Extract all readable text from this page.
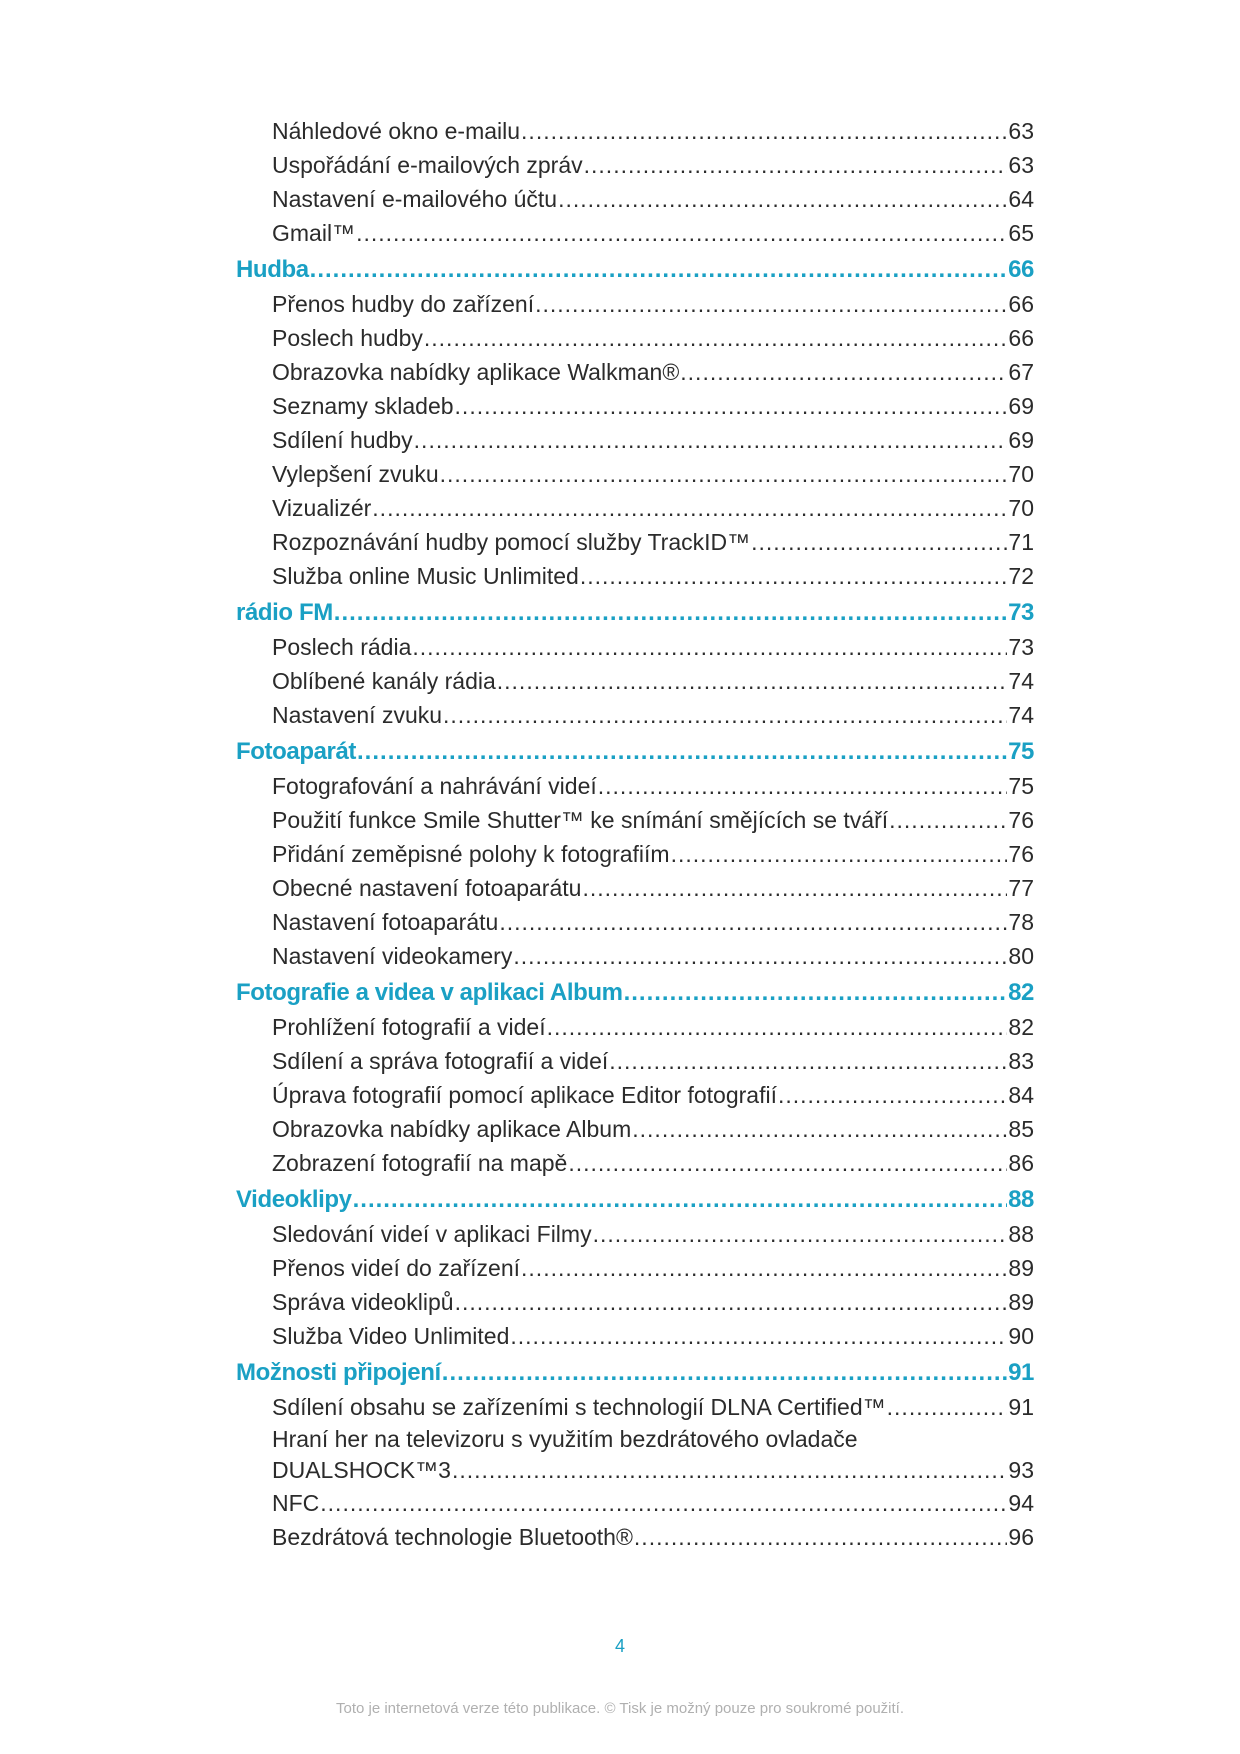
Náhledové okno e-mailu .....	63
Uspořádání e-mailových zpráv .....	63
Nastavení e-mailového účtu .....	64
Gmail™ .....	65
Hudba .....	66
Přenos hudby do zařízení .....	66
Poslech hudby .....	66
Obrazovka nabídky aplikace Walkman® .....	67
Seznamy skladeb .....	69
Sdílení hudby .....	69
Vylepšení zvuku .....	70
Vizualizér .....	70
Rozpoznávání hudby pomocí služby TrackID™ .....	71
Služba online Music Unlimited .....	72
rádio FM .....	73
Poslech rádia .....	73
Oblíbené kanály rádia .....	74
Nastavení zvuku .....	74
Fotoaparát .....	75
Fotografování a nahrávání videí .....	75
Použití funkce Smile Shutter™ ke snímání smějících se tváří .....	76
Přidání zeměpisné polohy k fotografiím .....	76
Obecné nastavení fotoaparátu .....	77
Nastavení fotoaparátu .....	78
Nastavení videokamery .....	80
Fotografie a videa v aplikaci Album .....	82
Prohlížení fotografií a videí .....	82
Sdílení a správa fotografií a videí .....	83
Úprava fotografií pomocí aplikace Editor fotografií .....	84
Obrazovka nabídky aplikace Album .....	85
Zobrazení fotografií na mapě .....	86
Videoklipy .....	88
Sledování videí v aplikaci Filmy .....	88
Přenos videí do zařízení .....	89
Správa videoklipů .....	89
Služba Video Unlimited .....	90
Možnosti připojení .....	91
Sdílení obsahu se zařízeními s technologií DLNA Certified™ .....	91
Hraní her na televizoru s využitím bezdrátového ovladače
DUALSHOCK™3 .....	93
NFC .....	94
Bezdrátová technologie Bluetooth® .....	96
4
Toto je internetová verze této publikace. © Tisk je možný pouze pro soukromé použití.
